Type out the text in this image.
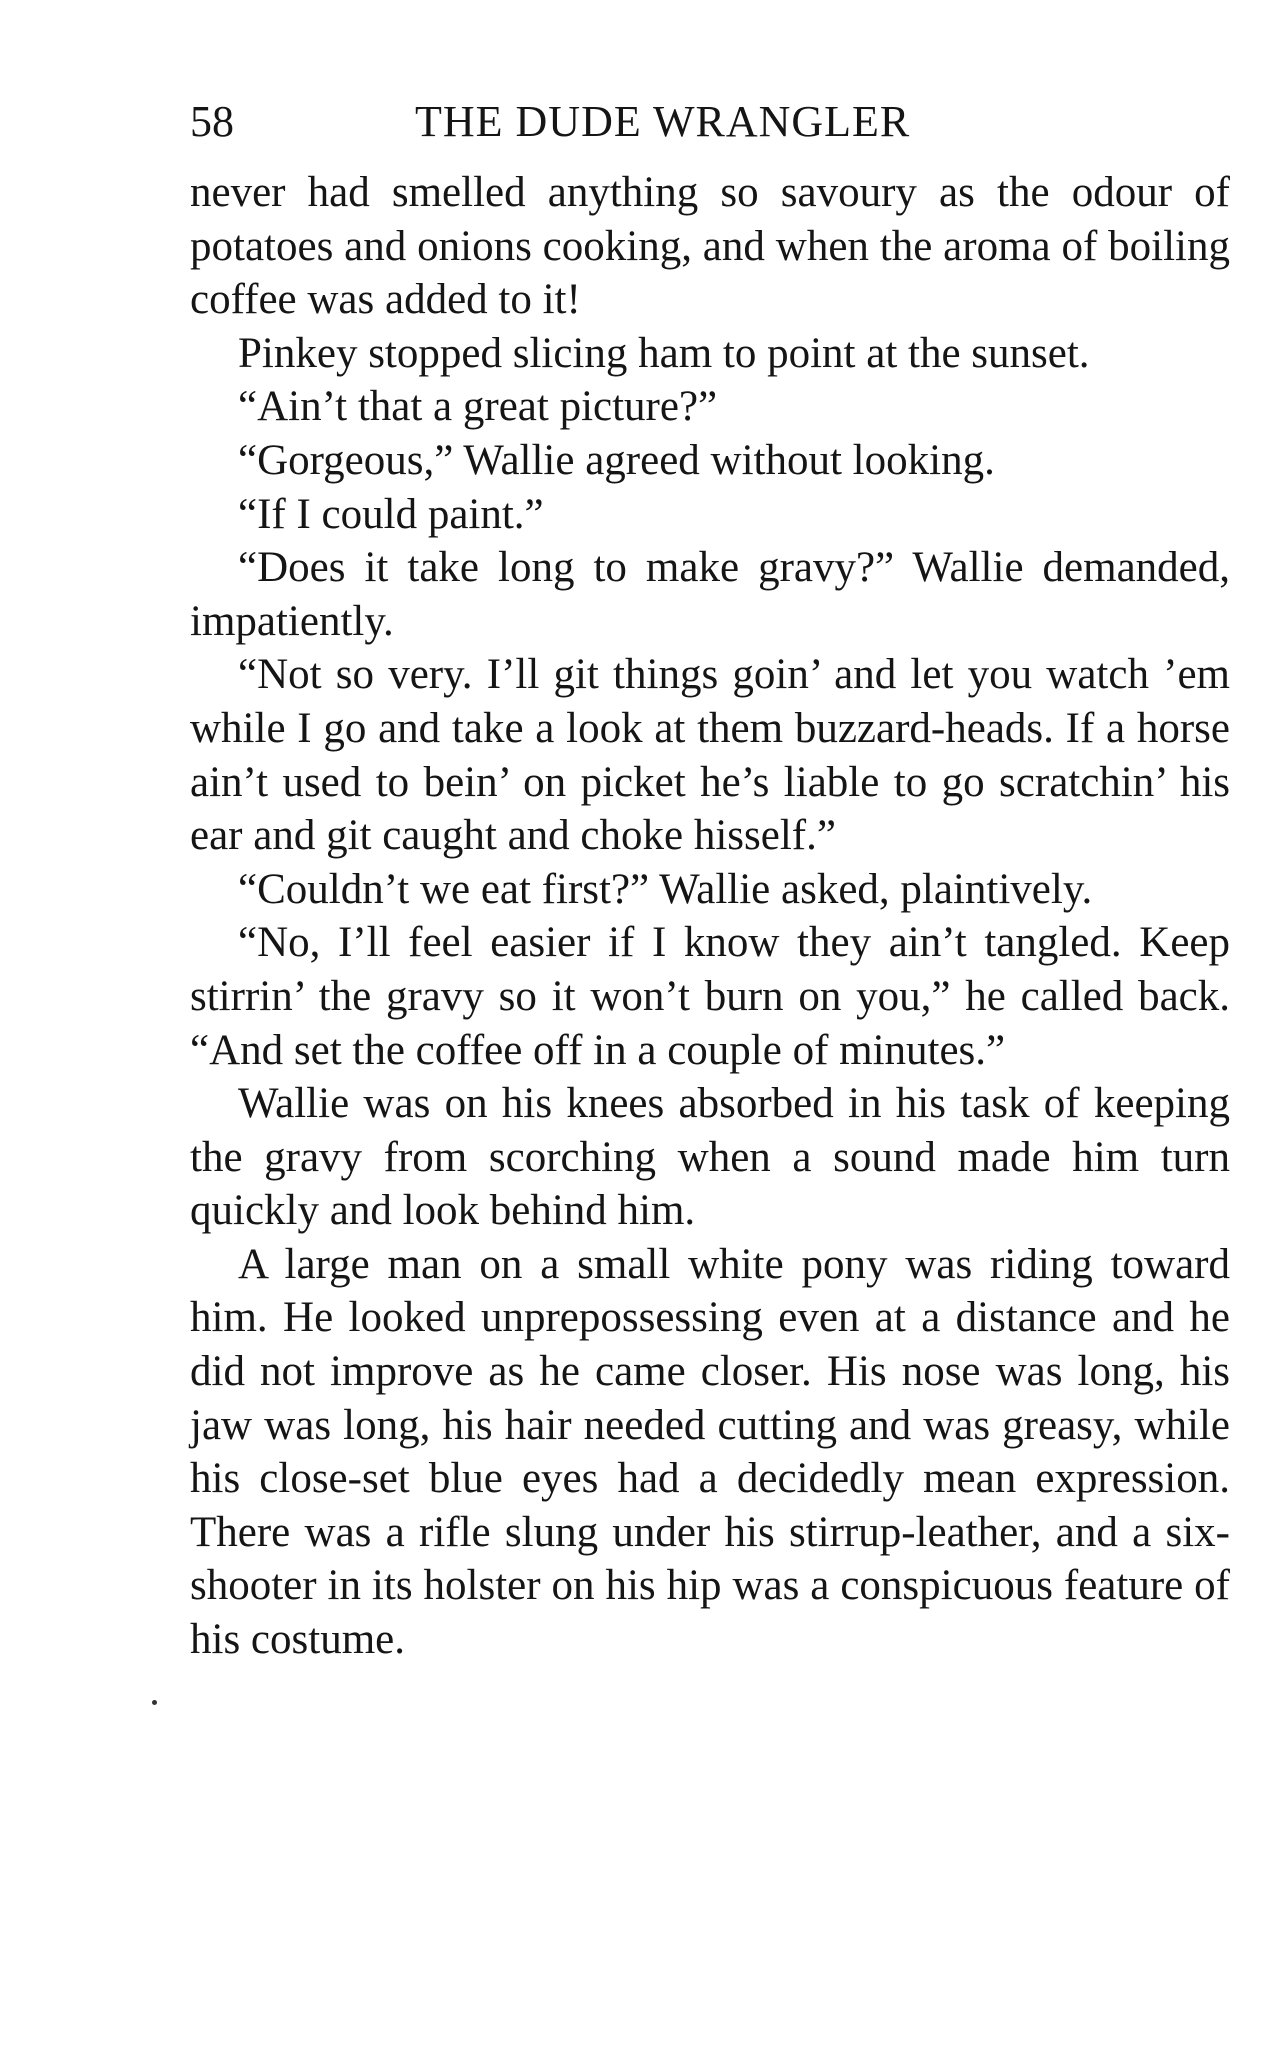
58	THE DUDE WRANGLER

never had smelled anything so savoury as the odour of potatoes and onions cooking, and when the aroma of boiling coffee was added to it!

Pinkey stopped slicing ham to point at the sunset.

“Ain’t that a great picture?”

“Gorgeous,” Wallie agreed without looking.

“If I could paint.”

“Does it take long to make gravy?” Wallie demanded, impatiently.

“Not so very. I’ll git things goin’ and let you watch ’em while I go and take a look at them buzzard-heads. If a horse ain’t used to bein’ on picket he’s liable to go scratchin’ his ear and git caught and choke hisself.”

“Couldn’t we eat first?” Wallie asked, plaintively.

“No, I’ll feel easier if I know they ain’t tangled. Keep stirrin’ the gravy so it won’t burn on you,” he called back. “And set the coffee off in a couple of minutes.”

Wallie was on his knees absorbed in his task of keeping the gravy from scorching when a sound made him turn quickly and look behind him.

A large man on a small white pony was riding toward him. He looked unprepossessing even at a distance and he did not improve as he came closer. His nose was long, his jaw was long, his hair needed cutting and was greasy, while his close-set blue eyes had a decidedly mean expression. There was a rifle slung under his stirrup-leather, and a six-shooter in its holster on his hip was a conspicuous feature of his costume.
